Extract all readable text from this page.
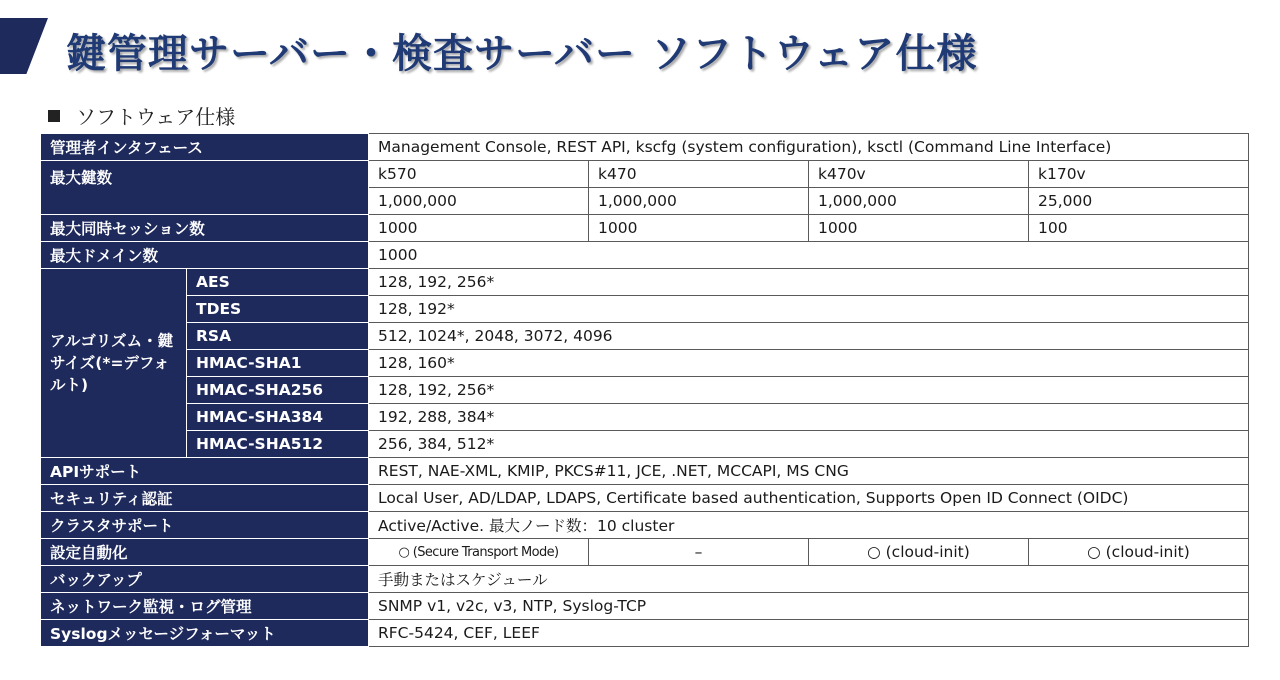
鍵管理サーバー・検査サーバー ソフトウェア仕様
ソフトウェア仕様
管理者インタフェース		Management Console, REST API, kscfg (system configuration), ksctl (Command Line Interface)			
最大鍵数		k570	k470	k470v	k170v
		1,000,000	1,000,000	1,000,000	25,000
最大同時セッション数		1000	1000	1000	100
最大ドメイン数		1000			
アルゴリズム・鍵サイズ(*=デフォルト)	AES	128, 192, 256*			
	TDES	128, 192*			
	RSA	512, 1024*, 2048, 3072, 4096			
	HMAC-SHA1	128, 160*			
	HMAC-SHA256	128, 192, 256*			
	HMAC-SHA384	192, 288, 384*			
	HMAC-SHA512	256, 384, 512*			
APIサポート		REST, NAE-XML, KMIP, PKCS#11, JCE, .NET, MCCAPI, MS CNG			
セキュリティ認証		Local User, AD/LDAP, LDAPS, Certificate based authentication, Supports Open ID Connect (OIDC)			
クラスタサポート		Active/Active. 最大ノード数：10 cluster			
設定自動化		○ (Secure Transport Mode)	–	○ (cloud-init)	○ (cloud-init)
バックアップ		手動またはスケジュール			
ネットワーク監視・ログ管理		SNMP v1, v2c, v3, NTP, Syslog-TCP			
Syslogメッセージフォーマット		RFC-5424, CEF, LEEF			
